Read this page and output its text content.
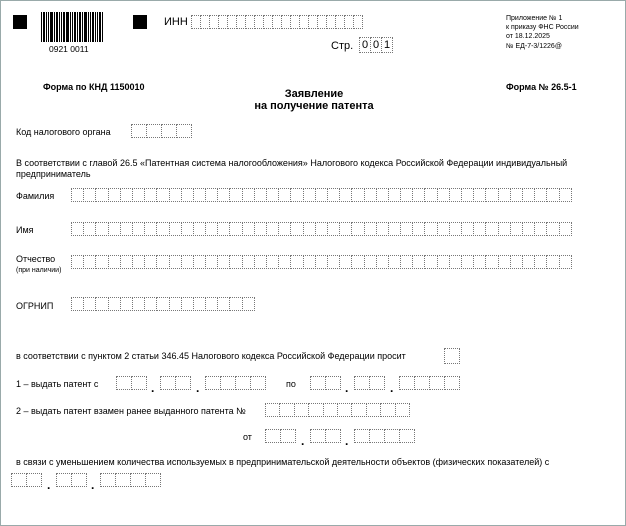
0921 0011
ИНН
Стр. 0 0 1
Приложение № 1
к приказу ФНС России
от 18.12.2025
№ ЕД-7-3/1226@
Форма по КНД 1150010	Форма № 26.5-1
Заявление
на получение патента
Код налогового органа
В соответствии с главой 26.5 «Патентная система налогообложения» Налогового кодекса Российской Федерации индивидуальный
предприниматель
Фамилия
Имя
Отчество
(при наличии)
ОГРНИП
в соответствии с пунктом 2 статьи 346.45 Налогового кодекса Российской Федерации просит
1 – выдать патент с	.	.	по	.	.
2 – выдать патент взамен ранее выданного патента №
от	.	.
в связи с уменьшением количества используемых в предпринимательской деятельности объектов (физических показателей) с
.	.
